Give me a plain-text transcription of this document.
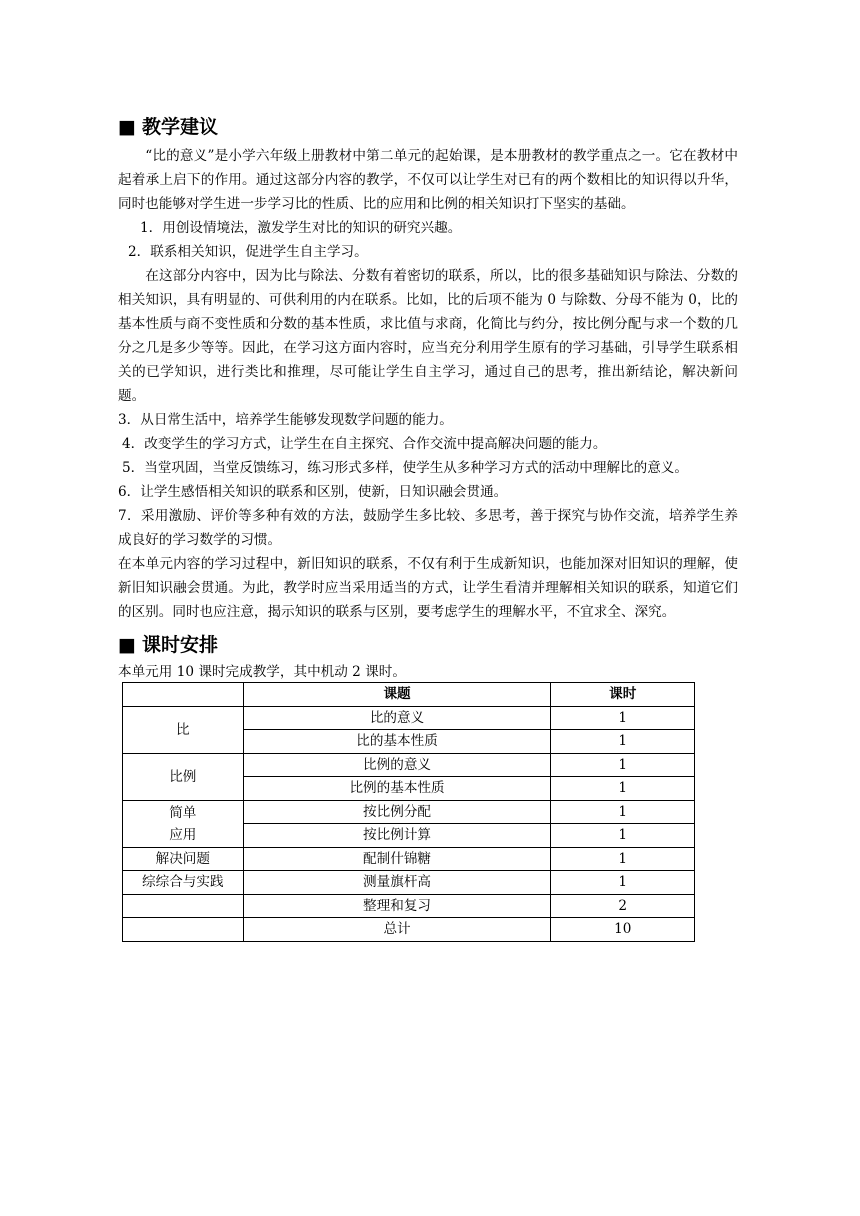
■ 教学建议

“比的意义”是小学六年级上册教材中第二单元的起始课，是本册教材的教学重点之一。它在教材中起着承上启下的作用。通过这部分内容的教学，不仅可以让学生对已有的两个数相比的知识得以升华，同时也能够对学生进一步学习比的性质、比的应用和比例的相关知识打下坚实的基础。

1．用创设情境法，激发学生对比的知识的研究兴趣。

2．联系相关知识，促进学生自主学习。

在这部分内容中，因为比与除法、分数有着密切的联系，所以，比的很多基础知识与除法、分数的相关知识，具有明显的、可供利用的内在联系。比如，比的后项不能为 0 与除数、分母不能为 0，比的基本性质与商不变性质和分数的基本性质，求比值与求商，化简比与约分，按比例分配与求一个数的几分之几是多少等等。因此，在学习这方面内容时，应当充分利用学生原有的学习基础，引导学生联系相关的已学知识，进行类比和推理，尽可能让学生自主学习，通过自己的思考，推出新结论，解决新问题。

3．从日常生活中，培养学生能够发现数学问题的能力。

4．改变学生的学习方式，让学生在自主探究、合作交流中提高解决问题的能力。

5．当堂巩固，当堂反馈练习，练习形式多样，使学生从多种学习方式的活动中理解比的意义。

6．让学生感悟相关知识的联系和区别，使新，日知识融会贯通。

7．采用激励、评价等多种有效的方法，鼓励学生多比较、多思考，善于探究与协作交流，培养学生养成良好的学习数学的习惯。

在本单元内容的学习过程中，新旧知识的联系，不仅有利于生成新知识，也能加深对旧知识的理解，使新旧知识融会贯通。为此，教学时应当采用适当的方式，让学生看清并理解相关知识的联系，知道它们的区别。同时也应注意，揭示知识的联系与区别，要考虑学生的理解水平，不宜求全、深究。

■ 课时安排

本单元用 10 课时完成教学，其中机动 2 课时。

	课题	课时
比	比的意义	1
	比的基本性质	1
比例	比例的意义	1
	比例的基本性质	1

简单
应用	按比例分配	1
	按比例计算	1
解决问题	配制什锦糖	1
综综合与实践	测量旗杆高	1
	整理和复习	2
	总计	10
